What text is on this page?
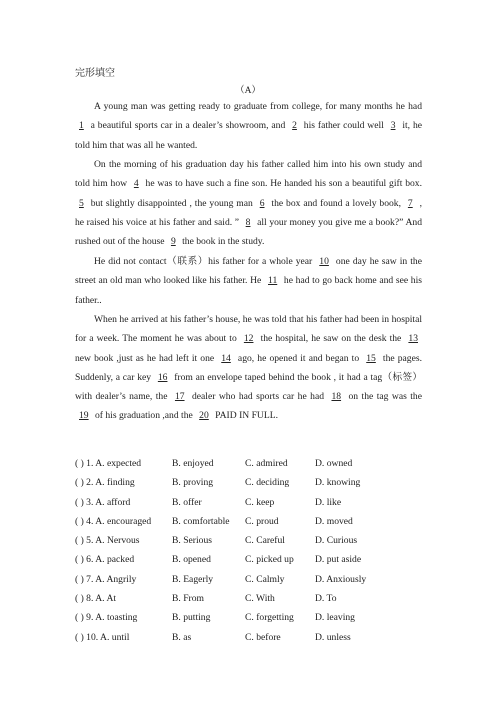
完形填空
（A）

A young man was getting ready to graduate from college, for many months he had 1 a beautiful sports car in a dealer’s showroom, and 2 his father could well 3 it, he told him that was all he wanted.

On the morning of his graduation day his father called him into his own study and told him how 4 he was to have such a fine son. He handed his son a beautiful gift box. 5 but slightly disappointed , the young man 6 the box and found a lovely book, 7 , he raised his voice at his father and said. ” 8 all your money you give me a book?” And rushed out of the house 9 the book in the study.

He did not contact（联系）his father for a whole year 10 one day he saw in the street an old man who looked like his father. He 11 he had to go back home and see his father..

When he arrived at his father’s house, he was told that his father had been in hospital for a week. The moment he was about to 12 the hospital, he saw on the desk the 13 new book ,just as he had left it one 14 ago, he opened it and began to 15 the pages. Suddenly, a car key 16 from an envelope taped behind the book , it had a tag（标签）with dealer’s name, the 17 dealer who had sports car he had 18 on the tag was the 19 of his graduation ,and the 20 PAID IN FULL.

( ) 1. A. expected	B. enjoyed	C. admired	D. owned
( ) 2. A. finding	B. proving	C. deciding	D. knowing
( ) 3. A. afford	B. offer	C. keep	D. like
( ) 4. A. encouraged B. comfortable C. proud	D. moved
( ) 5. A. Nervous	B. Serious	C. Careful	D. Curious
( ) 6. A. packed	B. opened	C. picked up D. put aside
( ) 7. A. Angrily	B. Eagerly	C. Calmly	D. Anxiously
( ) 8. A. At	B. From	C. With	D. To
( ) 9. A. toasting	B. putting	C. forgetting D. leaving
( ) 10. A. until	B. as	C. before	D. unless
